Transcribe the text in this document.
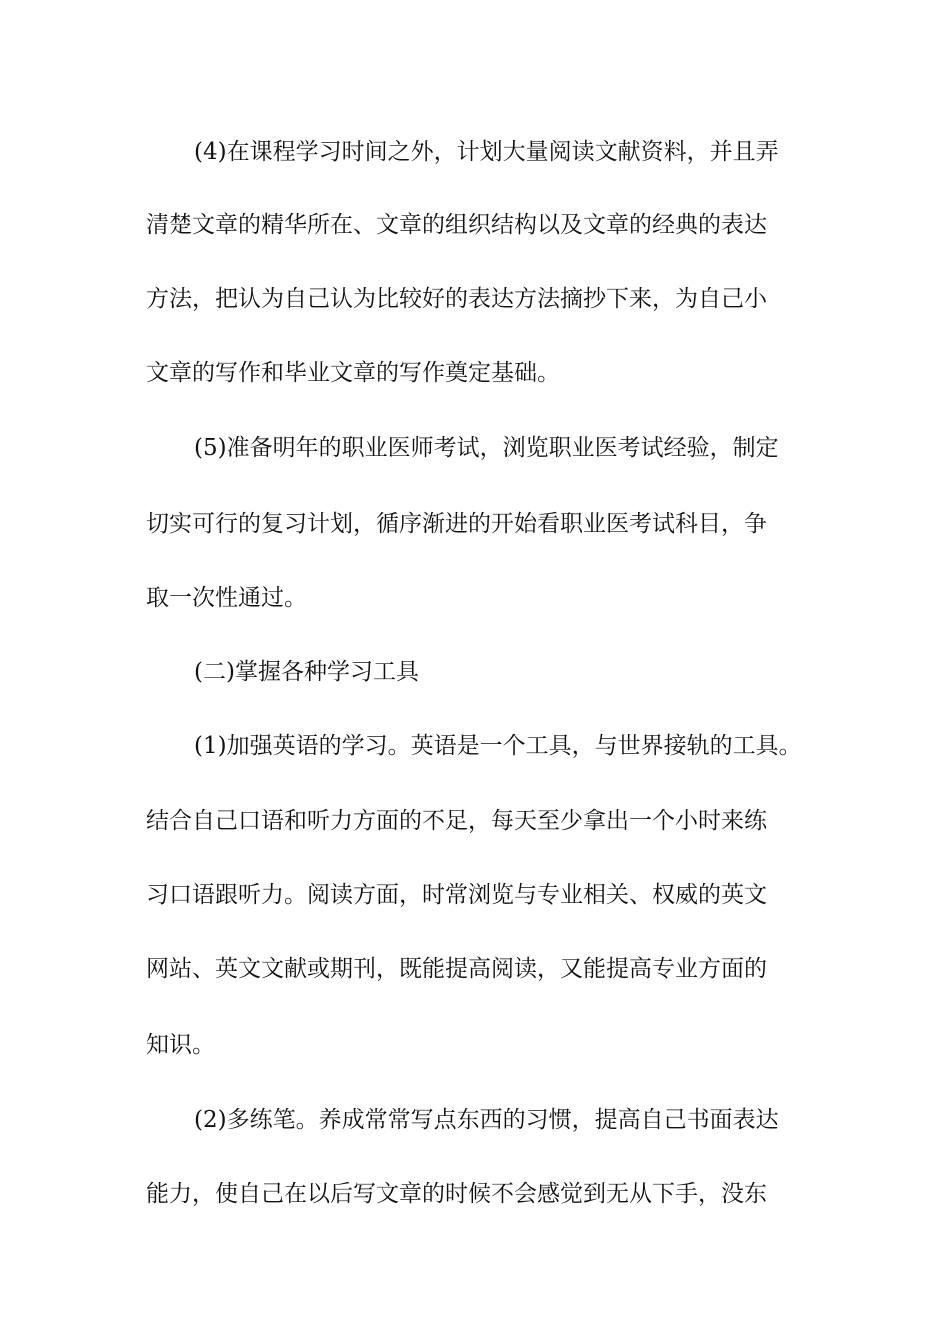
(4)在课程学习时间之外，计划大量阅读文献资料，并且弄
清楚文章的精华所在、文章的组织结构以及文章的经典的表达
方法，把认为自己认为比较好的表达方法摘抄下来，为自己小
文章的写作和毕业文章的写作奠定基础。
(5)准备明年的职业医师考试，浏览职业医考试经验，制定
切实可行的复习计划，循序渐进的开始看职业医考试科目，争
取一次性通过。
(二)掌握各种学习工具
(1)加强英语的学习。英语是一个工具，与世界接轨的工具。
结合自己口语和听力方面的不足，每天至少拿出一个小时来练
习口语跟听力。阅读方面，时常浏览与专业相关、权威的英文
网站、英文文献或期刊，既能提高阅读，又能提高专业方面的
知识。
(2)多练笔。养成常常写点东西的习惯，提高自己书面表达
能力，使自己在以后写文章的时候不会感觉到无从下手，没东
